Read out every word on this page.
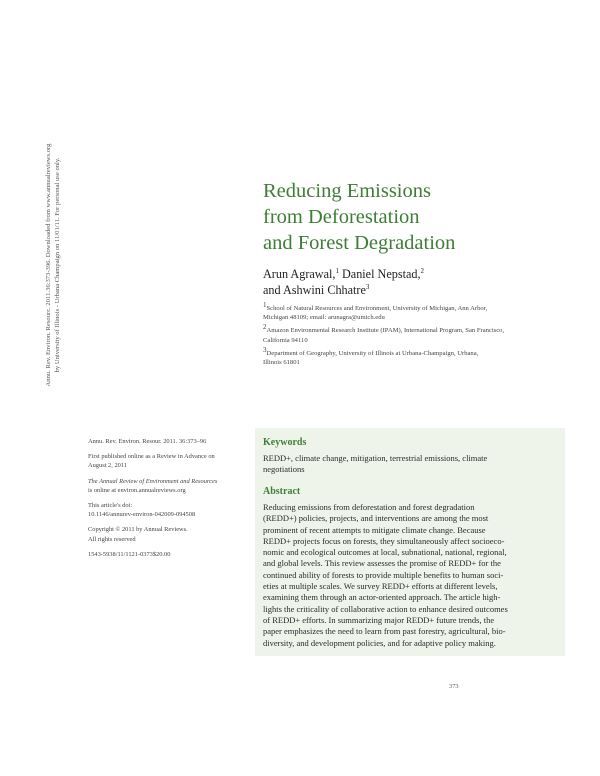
Annu. Rev. Environ. Resourc. 2011.36:373-396. Downloaded from www.annualreviews.org by University of Illinois - Urbana Champaign on 11/01/11. For personal use only.	Reducing Emissions
from Deforestation
and Forest Degradation
Arun Agrawal,$^1$ Daniel Nepstad,$^2$
and Ashwini Chhatre$^3$
$^1$School of Natural Resources and Environment, University of Michigan, Ann Arbor,
Michigan 48109; email: arunagra@umich.edu
$^2$Amazon Environmental Research Institute (IPAM), International Program, San Francisco,
California 94110
$^3$Department of Geography, University of Illinois at Urbana-Champaign, Urbana,
Illinois 61801
Annu. Rev. Environ. Resour. 2011. 36:373–96
First published online as a Review in Advance on
August 2, 2011
The Annual Review of Environment and Resources
is online at environ.annualreviews.org
This article's doi:
10.1146/annurev-environ-042009-094508
Copyright © 2011 by Annual Reviews.
All rights reserved
1543-5938/11/1121-0373$20.00
Keywords
REDD+, climate change, mitigation, terrestrial emissions, climate
negotiations
Abstract
Reducing emissions from deforestation and forest degradation
(REDD+) policies, projects, and interventions are among the most
prominent of recent attempts to mitigate climate change. Because
REDD+ projects focus on forests, they simultaneously affect socioeco-
nomic and ecological outcomes at local, subnational, national, regional,
and global levels. This review assesses the promise of REDD+ for the
continued ability of forests to provide multiple benefits to human soci-
eties at multiple scales. We survey REDD+ efforts at different levels,
examining them through an actor-oriented approach. The article high-
lights the criticality of collaborative action to enhance desired outcomes
of REDD+ efforts. In summarizing major REDD+ future trends, the
paper emphasizes the need to learn from past forestry, agricultural, bio-
diversity, and development policies, and for adaptive policy making.
373
